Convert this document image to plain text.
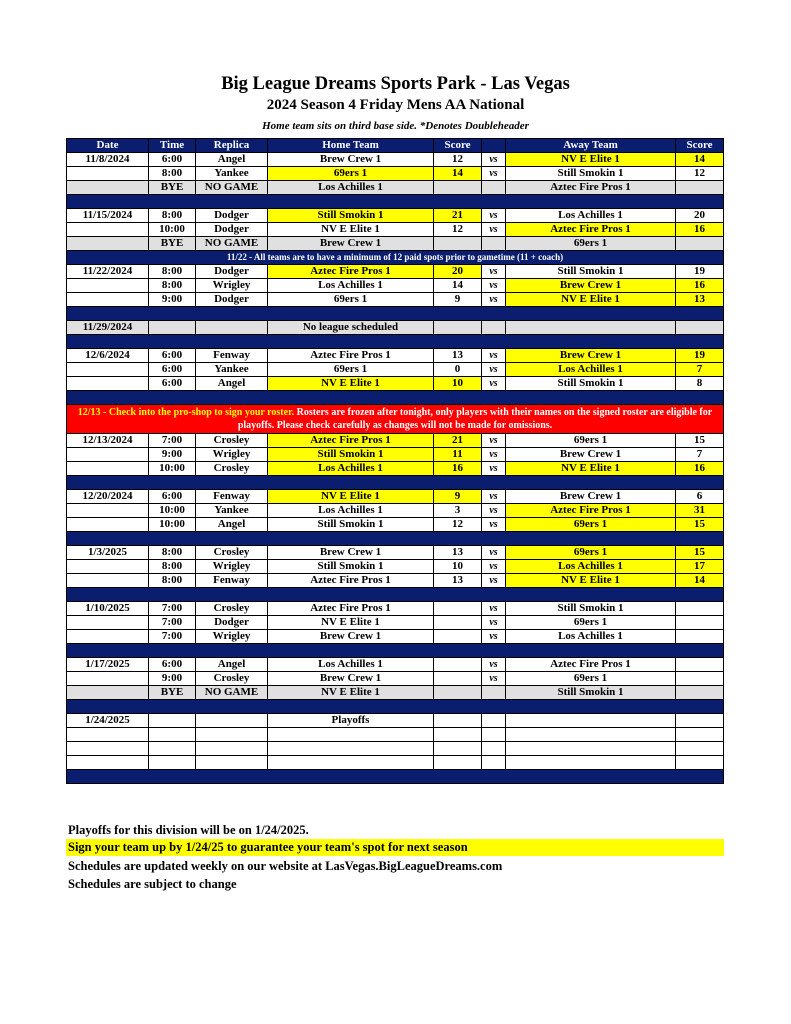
Big League Dreams Sports Park - Las Vegas
2024 Season 4 Friday Mens AA National
Home team sits on third base side. *Denotes Doubleheader
Date	Time	Replica	Home Team	Score		Away Team	Score
11/8/2024	6:00	Angel	Brew Crew 1	12	vs	NV E Elite 1	14
	8:00	Yankee	69ers 1	14	vs	Still Smokin 1	12
	BYE	NO GAME	Los Achilles 1			Aztec Fire Pros 1	

11/15/2024	8:00	Dodger	Still Smokin 1	21	vs	Los Achilles 1	20
	10:00	Dodger	NV E Elite 1	12	vs	Aztec Fire Pros 1	16
	BYE	NO GAME	Brew Crew 1			69ers 1	
11/22 - All teams are to have a minimum of 12 paid spots prior to gametime (11 + coach)							
11/22/2024	8:00	Dodger	Aztec Fire Pros 1	20	vs	Still Smokin 1	19
	8:00	Wrigley	Los Achilles 1	14	vs	Brew Crew 1	16
	9:00	Dodger	69ers 1	9	vs	NV E Elite 1	13

11/29/2024			No league scheduled				

12/6/2024	6:00	Fenway	Aztec Fire Pros 1	13	vs	Brew Crew 1	19
	6:00	Yankee	69ers 1	0	vs	Los Achilles 1	7
	6:00	Angel	NV E Elite 1	10	vs	Still Smokin 1	8

12/13 - Check into the pro-shop to sign your roster. Rosters are frozen after tonight, only players with their names on the signed roster are eligible for playoffs. Please check carefully as changes will not be made for omissions.							
12/13/2024	7:00	Crosley	Aztec Fire Pros 1	21	vs	69ers 1	15
	9:00	Wrigley	Still Smokin 1	11	vs	Brew Crew 1	7
	10:00	Crosley	Los Achilles 1	16	vs	NV E Elite 1	16

12/20/2024	6:00	Fenway	NV E Elite 1	9	vs	Brew Crew 1	6
	10:00	Yankee	Los Achilles 1	3	vs	Aztec Fire Pros 1	31
	10:00	Angel	Still Smokin 1	12	vs	69ers 1	15

1/3/2025	8:00	Crosley	Brew Crew 1	13	vs	69ers 1	15
	8:00	Wrigley	Still Smokin 1	10	vs	Los Achilles 1	17
	8:00	Fenway	Aztec Fire Pros 1	13	vs	NV E Elite 1	14

1/10/2025	7:00	Crosley	Aztec Fire Pros 1		vs	Still Smokin 1	
	7:00	Dodger	NV E Elite 1		vs	69ers 1	
	7:00	Wrigley	Brew Crew 1		vs	Los Achilles 1	

1/17/2025	6:00	Angel	Los Achilles 1		vs	Aztec Fire Pros 1	
	9:00	Crosley	Brew Crew 1		vs	69ers 1	
	BYE	NO GAME	NV E Elite 1			Still Smokin 1	

1/24/2025			Playoffs				

Playoffs for this division will be on 1/24/2025.
Sign your team up by 1/24/25 to guarantee your team's spot for next season
Schedules are updated weekly on our website at LasVegas.BigLeagueDreams.com
Schedules are subject to change
